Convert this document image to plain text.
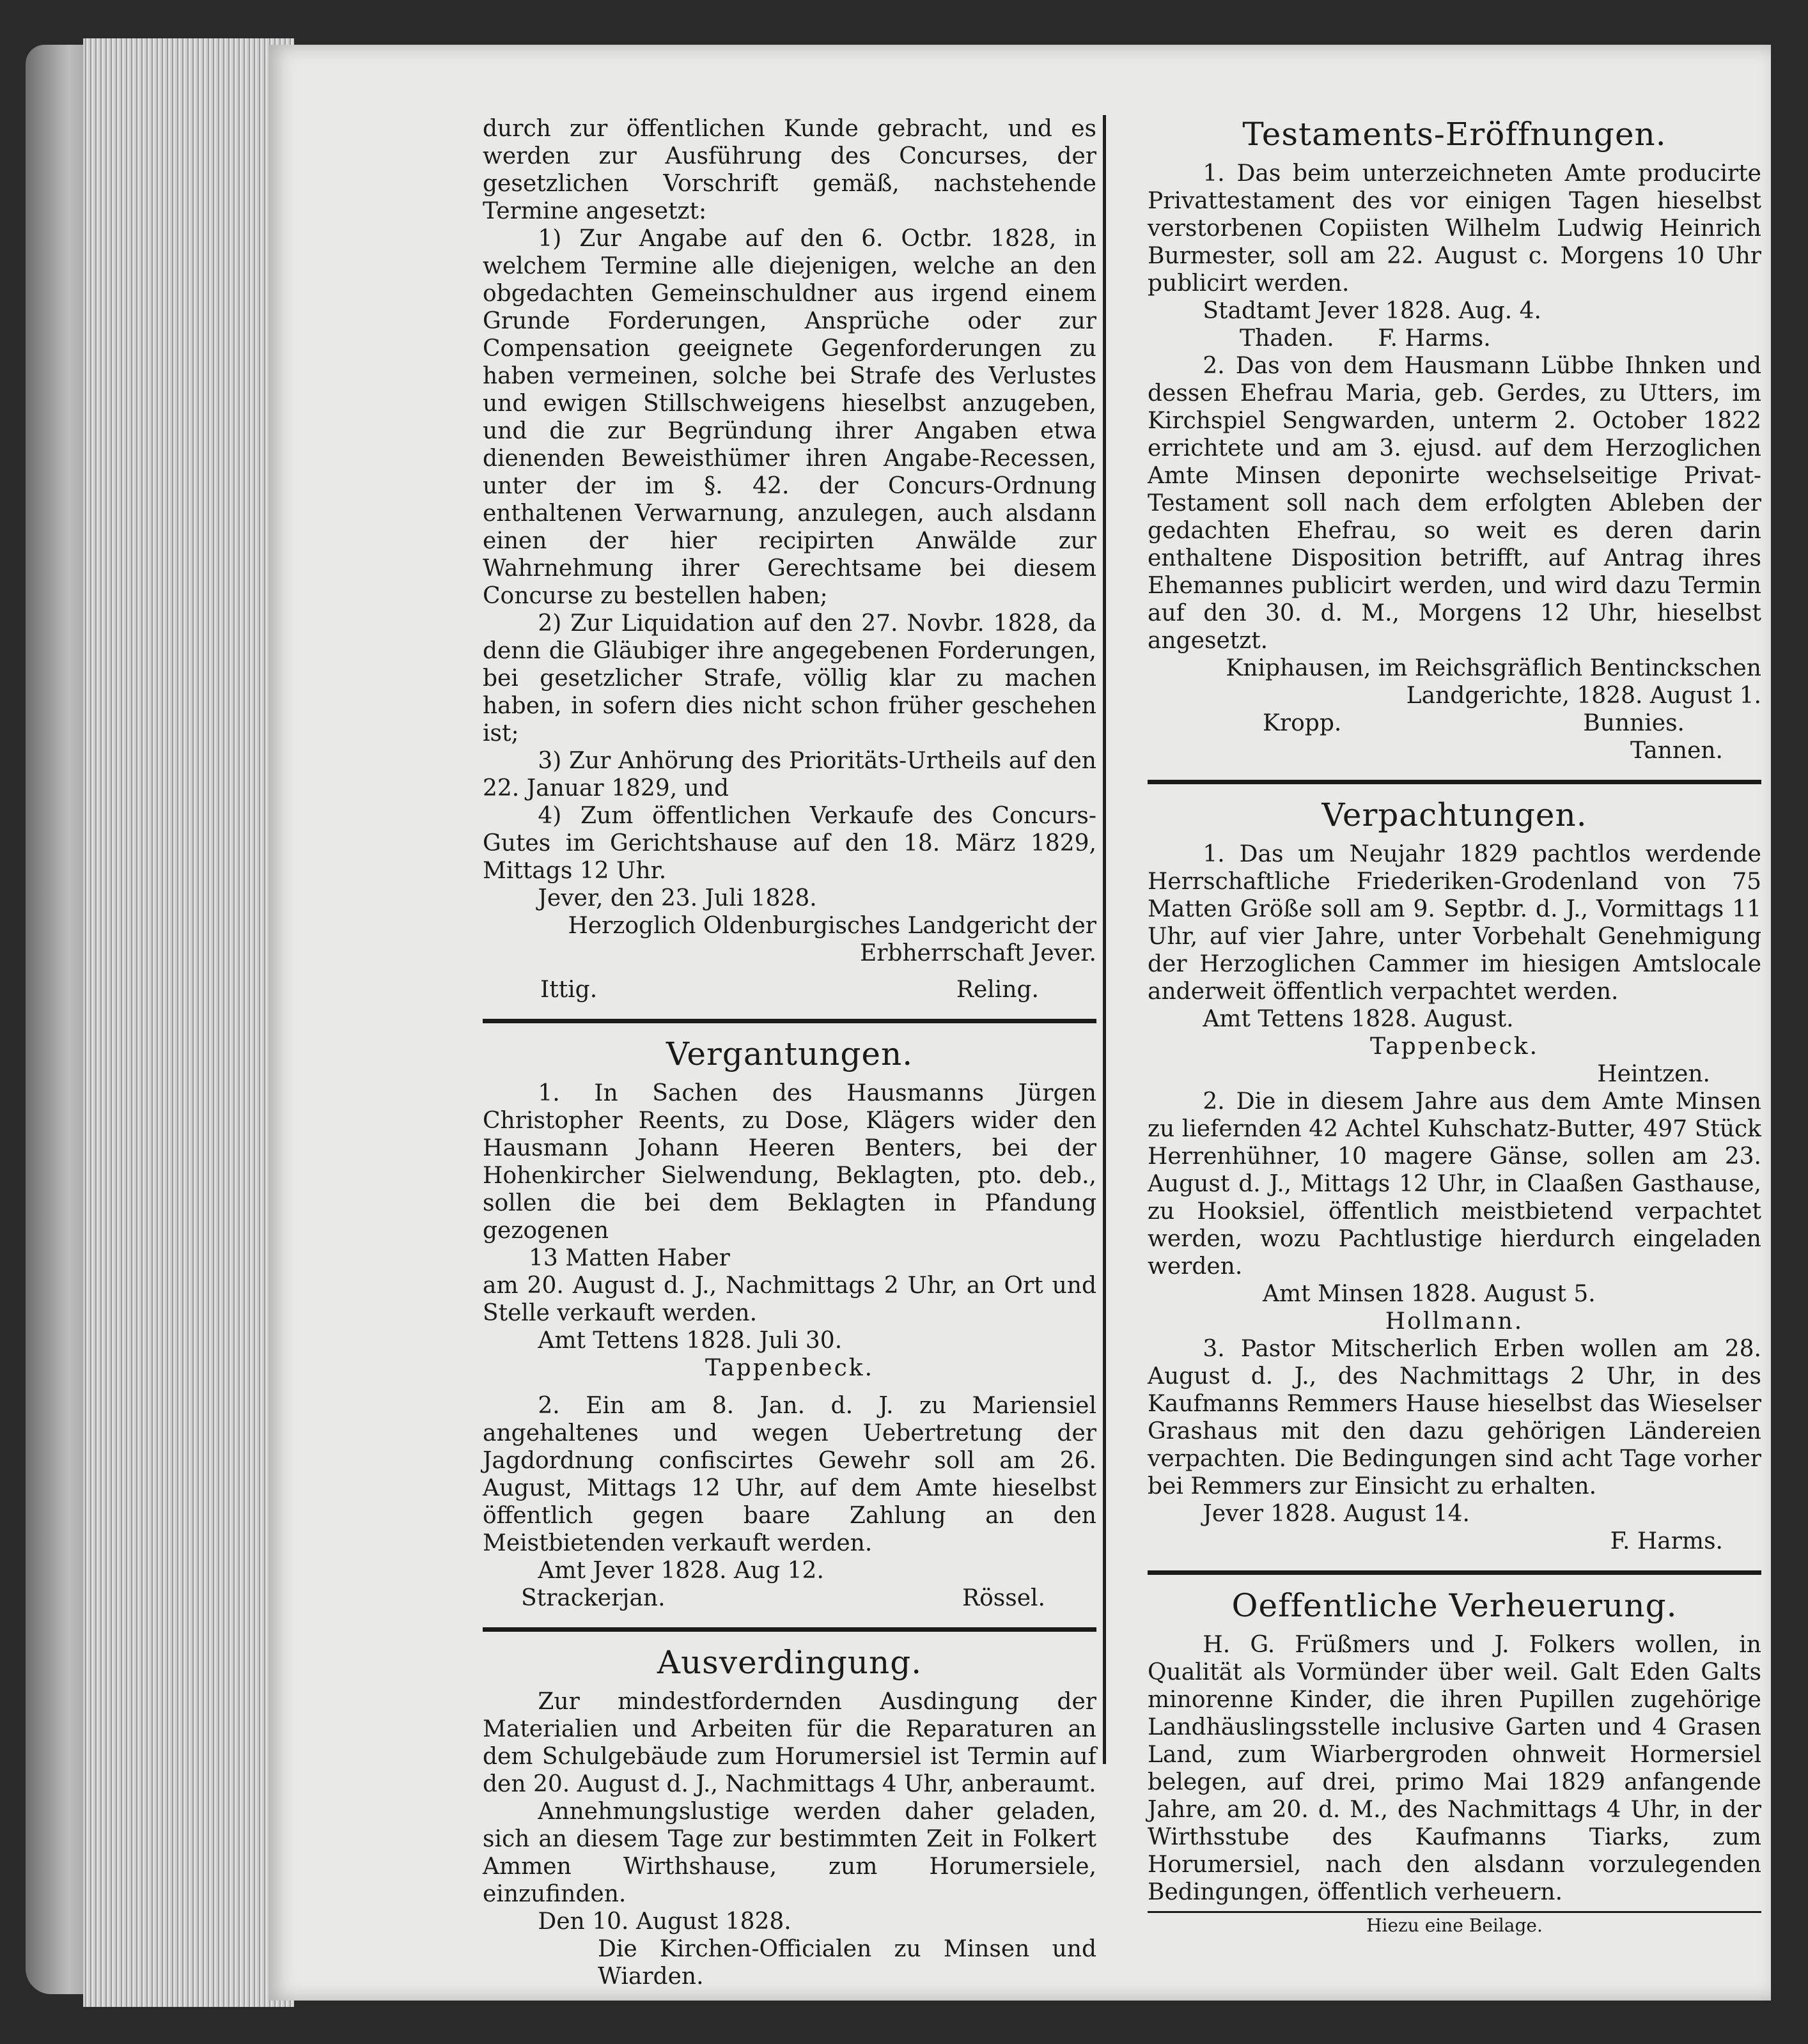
durch zur öffentlichen Kunde gebracht, und es werden zur Ausführung des Concurses, der gesetzlichen Vorschrift gemäß, nachstehende Termine angesetzt:

1) Zur Angabe auf den 6. Octbr. 1828, in welchem Termine alle diejenigen, welche an den obgedachten Gemeinschuldner aus irgend einem Grunde Forderungen, Ansprüche oder zur Compensation geeignete Gegenforderungen zu haben vermeinen, solche bei Strafe des Verlustes und ewigen Stillschweigens hieselbst anzugeben, und die zur Begründung ihrer Angaben etwa dienenden Beweisthümer ihren Angabe-Recessen, unter der im §. 42. der Concurs-Ordnung enthaltenen Verwarnung, anzulegen, auch alsdann einen der hier recipirten Anwälde zur Wahrnehmung ihrer Gerechtsame bei diesem Concurse zu bestellen haben;

2) Zur Liquidation auf den 27. Novbr. 1828, da denn die Gläubiger ihre angegebenen Forderungen, bei gesetzlicher Strafe, völlig klar zu machen haben, in sofern dies nicht schon früher geschehen ist;

3) Zur Anhörung des Prioritäts-Urtheils auf den 22. Januar 1829, und

4) Zum öffentlichen Verkaufe des Concurs-Gutes im Gerichtshause auf den 18. März 1829, Mittags 12 Uhr.

Jever, den 23. Juli 1828.

Herzoglich Oldenburgisches Landgericht der Erbherrschaft Jever.

Ittig.	Reling.
Vergantungen.

1. In Sachen des Hausmanns Jürgen Christopher Reents, zu Dose, Klägers wider den Hausmann Johann Heeren Benters, bei der Hohenkircher Sielwendung, Beklagten, pto. deb., sollen die bei dem Beklagten in Pfandung gezogenen

13 Matten Haber

am 20. August d. J., Nachmittags 2 Uhr, an Ort und Stelle verkauft werden.

Amt Tettens 1828. Juli 30.

Tappenbeck.

2. Ein am 8. Jan. d. J. zu Mariensiel angehaltenes und wegen Uebertretung der Jagdordnung confiscirtes Gewehr soll am 26. August, Mittags 12 Uhr, auf dem Amte hieselbst öffentlich gegen baare Zahlung an den Meistbietenden verkauft werden.

Amt Jever 1828. Aug 12.

Strackerjan.	Rössel.
Ausverdingung.

Zur mindestfordernden Ausdingung der Materialien und Arbeiten für die Reparaturen an dem Schulgebäude zum Horumersiel ist Termin auf den 20. August d. J., Nachmittags 4 Uhr, anberaumt.

Annehmungslustige werden daher geladen, sich an diesem Tage zur bestimmten Zeit in Folkert Ammen Wirthshause, zum Horumersiele, einzufinden.

Den 10. August 1828.

Die Kirchen-Officialen zu Minsen und Wiarden.

Testaments-Eröffnungen.

1. Das beim unterzeichneten Amte producirte Privattestament des vor einigen Tagen hieselbst verstorbenen Copiisten Wilhelm Ludwig Heinrich Burmester, soll am 22. August c. Morgens 10 Uhr publicirt werden.

Stadtamt Jever 1828. Aug. 4.

Thaden.      F. Harms.

2. Das von dem Hausmann Lübbe Ihnken und dessen Ehefrau Maria, geb. Gerdes, zu Utters, im Kirchspiel Sengwarden, unterm 2. October 1822 errichtete und am 3. ejusd. auf dem Herzoglichen Amte Minsen deponirte wechselseitige Privat-Testament soll nach dem erfolgten Ableben der gedachten Ehefrau, so weit es deren darin enthaltene Disposition betrifft, auf Antrag ihres Ehemannes publicirt werden, und wird dazu Termin auf den 30. d. M., Morgens 12 Uhr, hieselbst angesetzt.

Kniphausen, im Reichsgräflich Bentinckschen Landgerichte, 1828. August 1.

Kropp.	Bunnies.

Tannen.

Verpachtungen.

1. Das um Neujahr 1829 pachtlos werdende Herrschaftliche Friederiken-Grodenland von 75 Matten Größe soll am 9. Septbr. d. J., Vormittags 11 Uhr, auf vier Jahre, unter Vorbehalt Genehmigung der Herzoglichen Cammer im hiesigen Amtslocale anderweit öffentlich verpachtet werden.

Amt Tettens 1828. August.

Tappenbeck.

Heintzen.

2. Die in diesem Jahre aus dem Amte Minsen zu liefernden 42 Achtel Kuhschatz-Butter, 497 Stück Herrenhühner, 10 magere Gänse, sollen am 23. August d. J., Mittags 12 Uhr, in Claaßen Gasthause, zu Hooksiel, öffentlich meistbietend verpachtet werden, wozu Pachtlustige hierdurch eingeladen werden.

Amt Minsen 1828. August 5.

Hollmann.

3. Pastor Mitscherlich Erben wollen am 28. August d. J., des Nachmittags 2 Uhr, in des Kaufmanns Remmers Hause hieselbst das Wieselser Grashaus mit den dazu gehörigen Ländereien verpachten. Die Bedingungen sind acht Tage vorher bei Remmers zur Einsicht zu erhalten.

Jever 1828. August 14.

F. Harms.

Oeffentliche Verheuerung.

H. G. Früßmers und J. Folkers wollen, in Qualität als Vormünder über weil. Galt Eden Galts minorenne Kinder, die ihren Pupillen zugehörige Landhäuslingsstelle inclusive Garten und 4 Grasen Land, zum Wiarbergroden ohnweit Hormersiel belegen, auf drei, primo Mai 1829 anfangende Jahre, am 20. d. M., des Nachmittags 4 Uhr, in der Wirthsstube des Kaufmanns Tiarks, zum Horumersiel, nach den alsdann vorzulegenden Bedingungen, öffentlich verheuern.

Hiezu eine Beilage.
